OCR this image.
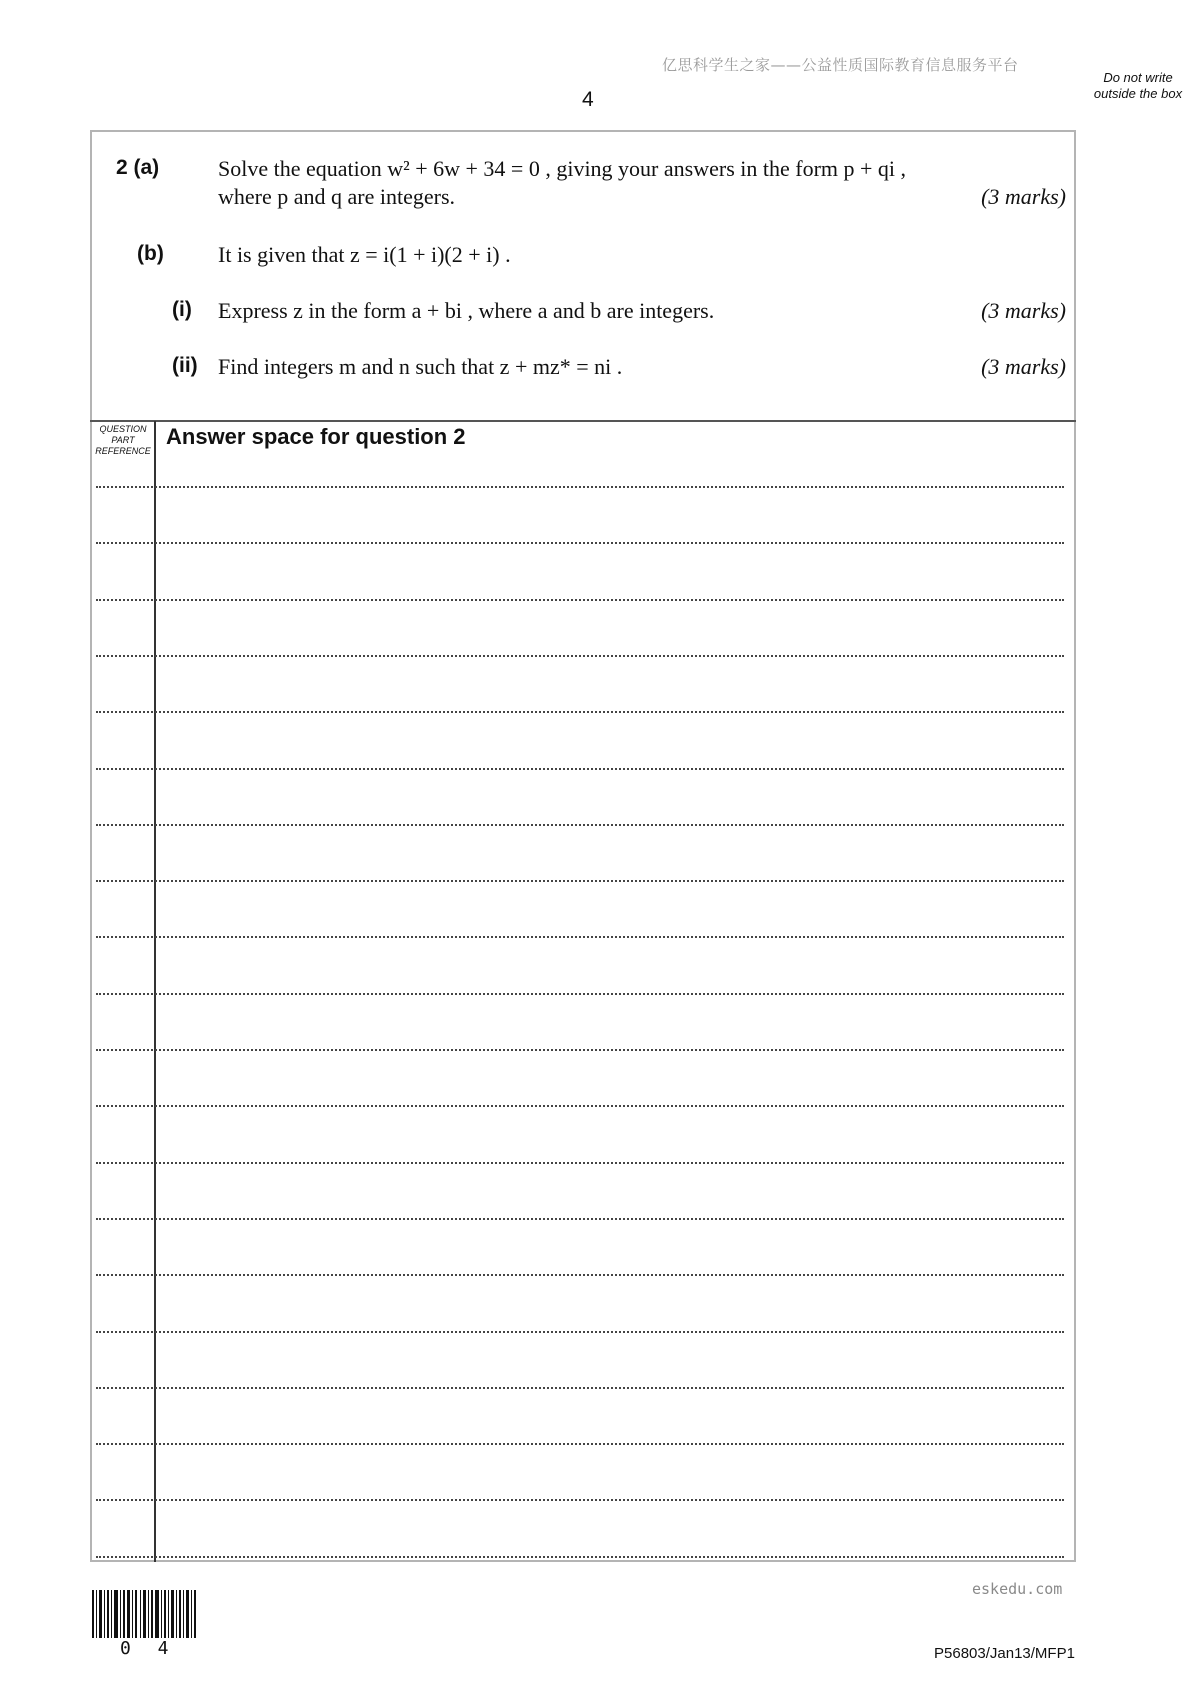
亿思科学生之家——公益性质国际教育信息服务平台
4
Do not write outside the box
2 (a)	Solve the equation w² + 6w + 34 = 0 , giving your answers in the form p + qi ,
where p and q are integers.	(3 marks)
(b) It is given that z = i(1 + i)(2 + i) .
(i) Express z in the form a + bi , where a and b are integers.	(3 marks)
(ii) Find integers m and n such that z + mz* = ni .	(3 marks)
QUESTION PART REFERENCE
Answer space for question 2
0 4
eskedu.com
P56803/Jan13/MFP1
